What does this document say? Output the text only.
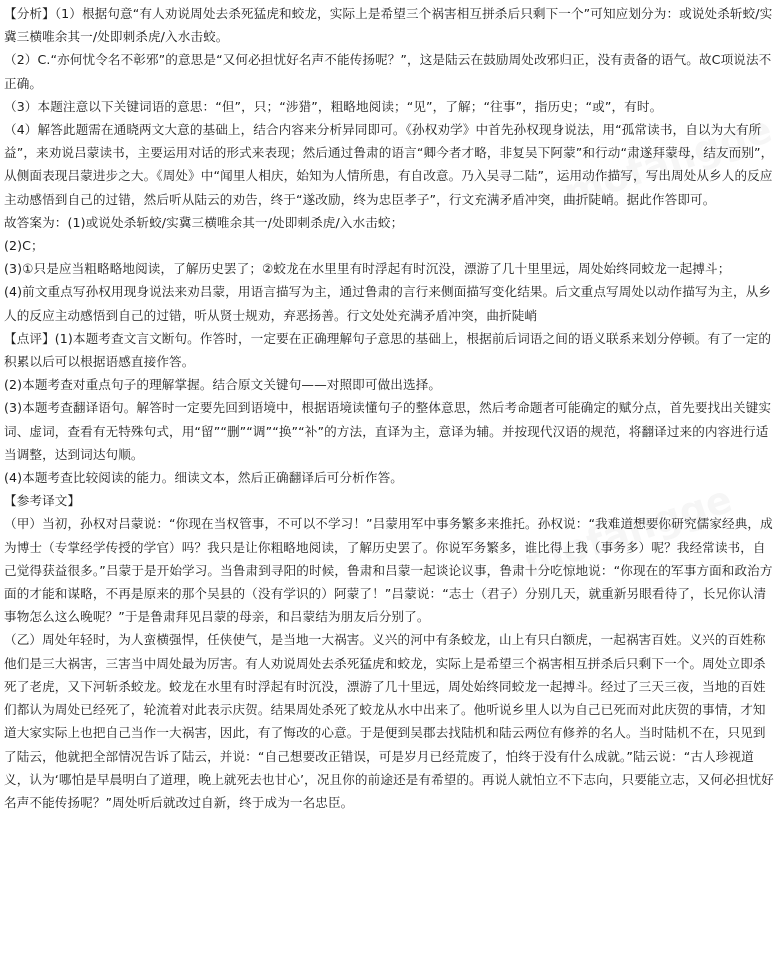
【分析】（1）根据句意“有人劝说周处去杀死猛虎和蛟龙，实际上是希望三个祸害相互拼杀后只剩下一个”可知应划分为：或说处杀斩蛟/实冀三横唯余其一/处即刺杀虎/入水击蛟。

（2）C.“亦何忧令名不彰邪”的意思是“又何必担忧好名声不能传扬呢？”，这是陆云在鼓励周处改邪归正，没有责备的语气。故C项说法不正确。

（3）本题注意以下关键词语的意思：“但”，只；“涉猎”，粗略地阅读；“见”，了解；“往事”，指历史；“或”，有时。

（4）解答此题需在通晓两文大意的基础上，结合内容来分析异同即可。《孙权劝学》中首先孙权现身说法，用“孤常读书，自以为大有所益”，来劝说吕蒙读书，主要运用对话的形式来表现；然后通过鲁肃的语言“卿今者才略，非复吴下阿蒙”和行动“肃遂拜蒙母，结友而别”，从侧面表现吕蒙进步之大。《周处》中“闻里人相庆，始知为人情所患，有自改意。乃入吴寻二陆”，运用动作描写，写出周处从乡人的反应主动感悟到自己的过错，然后听从陆云的劝告，终于“遂改励，终为忠臣孝子”，行文充满矛盾冲突，曲折陡峭。据此作答即可。

故答案为：(1)或说处杀斩蛟/实冀三横唯余其一/处即刺杀虎/入水击蛟；

(2)C；

(3)①只是应当粗略略地阅读，了解历史罢了；②蛟龙在水里里有时浮起有时沉没，漂游了几十里里远，周处始终同蛟龙一起搏斗；

(4)前文重点写孙权用现身说法来劝吕蒙，用语言描写为主，通过鲁肃的言行来侧面描写变化结果。后文重点写周处以动作描写为主，从乡人的反应主动感悟到自己的过错，听从贤士规劝，弃恶扬善。行文处处充满矛盾冲突，曲折陡峭

【点评】(1)本题考查文言文断句。作答时，一定要在正确理解句子意思的基础上，根据前后词语之间的语义联系来划分停顿。有了一定的积累以后可以根据语感直接作答。

(2)本题考查对重点句子的理解掌握。结合原文关键句——对照即可做出选择。

(3)本题考查翻译语句。解答时一定要先回到语境中，根据语境读懂句子的整体意思，然后考命题者可能确定的赋分点，首先要找出关键实词、虚词，查看有无特殊句式，用“留”“删”“调”“换”“补”的方法，直译为主，意译为辅。并按现代汉语的规范，将翻译过来的内容进行适当调整，达到词达句顺。

(4)本题考查比较阅读的能力。细读文本，然后正确翻译后可分析作答。

【参考译文】

（甲）当初，孙权对吕蒙说：“你现在当权管事，不可以不学习！”吕蒙用军中事务繁多来推托。孙权说：“我难道想要你研究儒家经典，成为博士（专掌经学传授的学官）吗？我只是让你粗略地阅读，了解历史罢了。你说军务繁多，谁比得上我（事务多）呢？我经常读书，自己觉得获益很多。”吕蒙于是开始学习。当鲁肃到寻阳的时候，鲁肃和吕蒙一起谈论议事，鲁肃十分吃惊地说：“你现在的军事方面和政治方面的才能和谋略，不再是原来的那个吴县的（没有学识的）阿蒙了！”吕蒙说：“志士（君子）分别几天，就重新另眼看待了，长兄你认清事物怎么这么晚呢？”于是鲁肃拜见吕蒙的母亲，和吕蒙结为朋友后分别了。

（乙）周处年轻时，为人蛮横强悍，任侠使气，是当地一大祸害。义兴的河中有条蛟龙，山上有只白额虎，一起祸害百姓。义兴的百姓称他们是三大祸害，三害当中周处最为厉害。有人劝说周处去杀死猛虎和蛟龙，实际上是希望三个祸害相互拼杀后只剩下一个。周处立即杀死了老虎，又下河斩杀蛟龙。蛟龙在水里有时浮起有时沉没，漂游了几十里远，周处始终同蛟龙一起搏斗。经过了三天三夜，当地的百姓们都认为周处已经死了，轮流着对此表示庆贺。结果周处杀死了蛟龙从水中出来了。他听说乡里人以为自己已死而对此庆贺的事情，才知道大家实际上也把自己当作一大祸害，因此，有了悔改的心意。于是便到吴郡去找陆机和陆云两位有修养的名人。当时陆机不在，只见到了陆云，他就把全部情况告诉了陆云，并说：“自己想要改正错误，可是岁月已经荒废了，怕终于没有什么成就。”陆云说：“古人珍视道义，认为‘哪怕是早晨明白了道理，晚上就死去也甘心’，况且你的前途还是有希望的。再说人就怕立不下志向，只要能立志，又何必担忧好名声不能传扬呢？”周处听后就改过自新，终于成为一名忠臣。
